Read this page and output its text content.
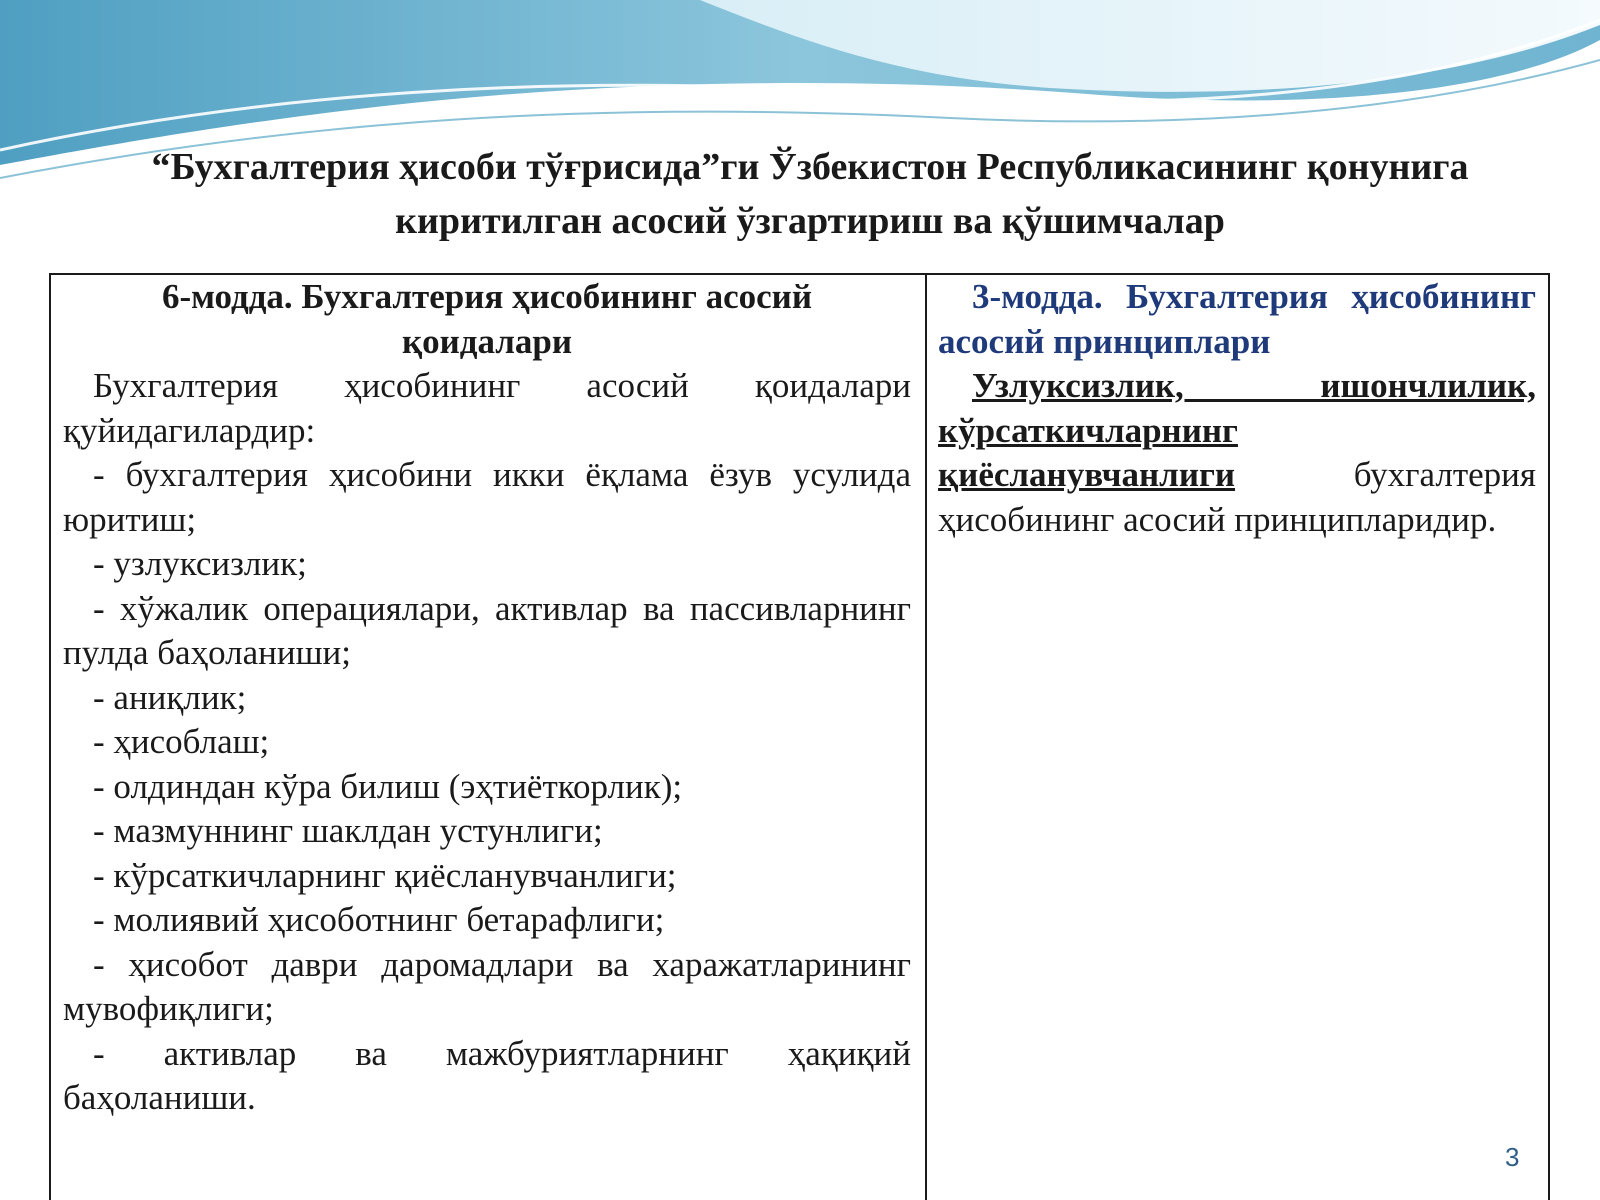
“Бухгалтерия ҳисоби тўғрисида”ги Ўзбекистон Республикасининг қонунига
киритилган асосий ўзгартириш ва қўшимчалар
6-модда. Бухгалтерия ҳисобининг асосий қоидалари
Бухгалтерия ҳисобининг асосий қоидалари қуйидагилардир:
- бухгалтерия ҳисобини икки ёқлама ёзув усулида юритиш;
- узлуксизлик;
- хўжалик операциялари, активлар ва пассивларнинг пулда баҳоланиши;
- аниқлик;
- ҳисоблаш;
- олдиндан кўра билиш (эҳтиёткорлик);
- мазмуннинг шаклдан устунлиги;
- кўрсаткичларнинг қиёсланувчанлиги;
- молиявий ҳисоботнинг бетарафлиги;
- ҳисобот даври даромадлари ва харажатларининг мувофиқлиги;
- активлар ва мажбуриятларнинг ҳақиқий баҳоланиши.
3-модда. Бухгалтерия ҳисобининг асосий принциплари
Узлуксизлик, ишончлилик, кўрсаткичларнинг қиёсланувчанлиги бухгалтерия ҳисобининг асосий принципларидир.
3
